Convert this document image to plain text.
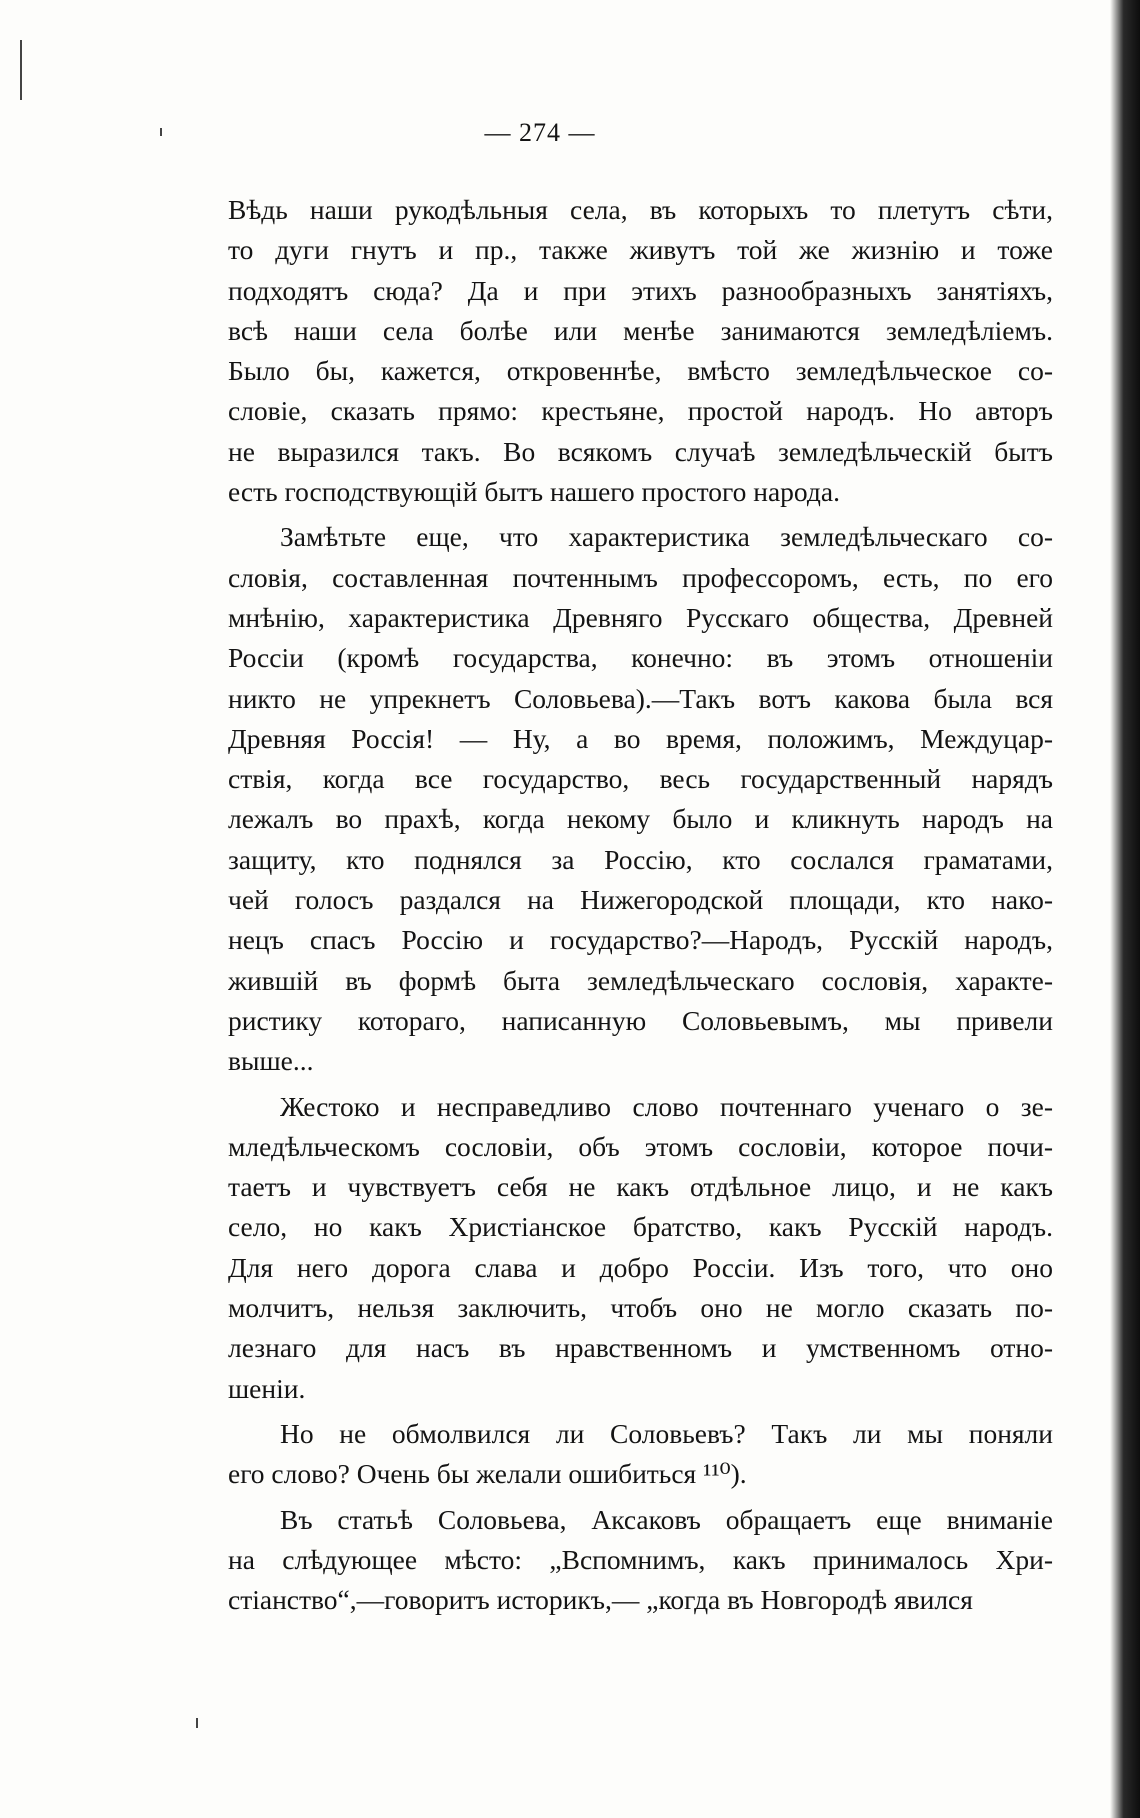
— 274 —
Вѣдь наши рукодѣльныя села, въ которыхъ то плетутъ сѣти,
то дуги гнутъ и пр., также живутъ той же жизнію и тоже
подходятъ сюда? Да и при этихъ разнообразныхъ занятіяхъ,
всѣ наши села болѣе или менѣе занимаются земледѣліемъ.
Было бы, кажется, откровеннѣе, вмѣсто земледѣльческое со-
словіе, сказать прямо: крестьяне, простой народъ. Но авторъ
не выразился такъ. Во всякомъ случаѣ земледѣльческій бытъ
есть господствующій бытъ нашего простого народа.
Замѣтьте еще, что характеристика земледѣльческаго со-
словія, составленная почтеннымъ профессоромъ, есть, по его
мнѣнію, характеристика Древняго Русскаго общества, Древней
Россіи (кромѣ государства, конечно: въ этомъ отношеніи
никто не упрекнетъ Соловьева).—Такъ вотъ какова была вся
Древняя Россія! — Ну, а во время, положимъ, Междуцар-
ствія, когда все государство, весь государственный нарядъ
лежалъ во прахѣ, когда некому было и кликнуть народъ на
защиту, кто поднялся за Россію, кто сослался граматами,
чей голосъ раздался на Нижегородской площади, кто нако-
нецъ спасъ Россію и государство?—Народъ, Русскій народъ,
жившій въ формѣ быта земледѣльческаго сословія, характе-
ристику котораго, написанную Соловьевымъ, мы привели
выше...
Жестоко и несправедливо слово почтеннаго ученаго о зе-
мледѣльческомъ сословіи, объ этомъ сословіи, которое почи-
таетъ и чувствуетъ себя не какъ отдѣльное лицо, и не какъ
село, но какъ Христіанское братство, какъ Русскій народъ.
Для него дорога слава и добро Россіи. Изъ того, что оно
молчитъ, нельзя заключить, чтобъ оно не могло сказать по-
лезнаго для насъ въ нравственномъ и умственномъ отно-
шеніи.
Но не обмолвился ли Соловьевъ? Такъ ли мы поняли
его слово? Очень бы желали ошибиться ¹¹⁰).
Въ статьѣ Соловьева, Аксаковъ обращаетъ еще вниманіе
на слѣдующее мѣсто: „Вспомнимъ, какъ принималось Хри-
стіанство“,—говоритъ историкъ,— „когда въ Новгородѣ явился
